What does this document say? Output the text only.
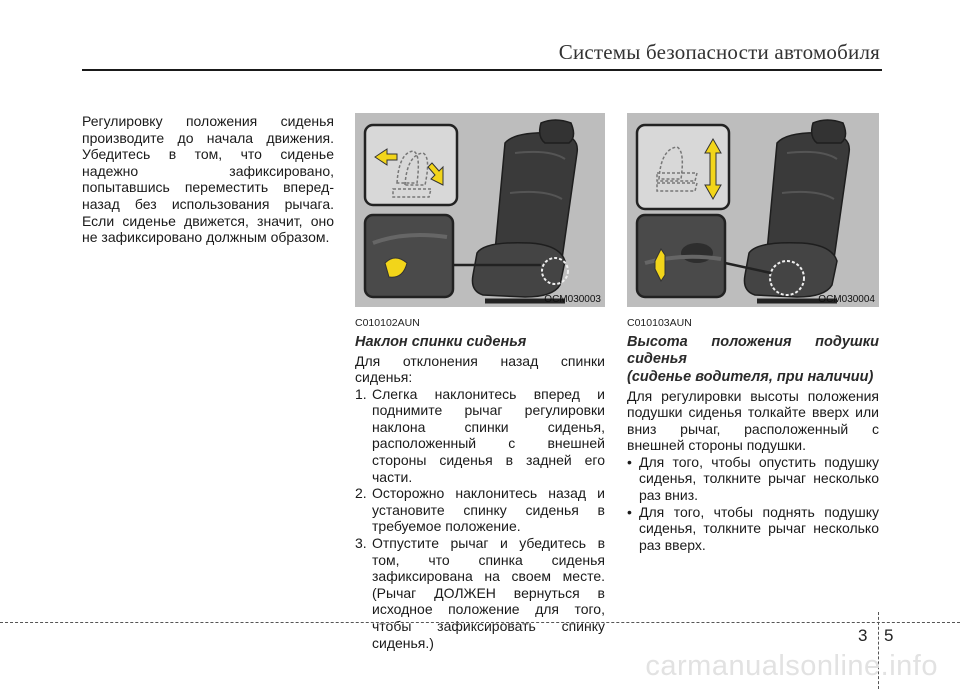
Системы безопасности автомобиля

Регулировку положения сиденья производите до начала движения. Убедитесь в том, что сиденье надежно зафиксировано, попытавшись переместить вперед-назад без использования рычага. Если сиденье движется, значит, оно не зафиксировано должным образом.

OCM030003	OCM030004
C010102AUN
Наклон спинки сиденья

Для отклонения назад спинки сиденья:

1. Слегка наклонитесь вперед и поднимите рычаг регулировки наклона спинки сиденья, расположенный с внешней стороны сиденья в задней его части.
2. Осторожно наклонитесь назад и установите спинку сиденья в требуемое положение.
3. Отпустите рычаг и убедитесь в том, что спинка сиденья зафиксирована на своем месте. (Рычаг ДОЛЖЕН вернуться в исходное положение для того, чтобы зафиксировать спинку сиденья.)
C010103AUN
Высота положения подушки сиденья
(сиденье водителя, при наличии)

Для регулировки высоты положения подушки сиденья толкайте вверх или вниз рычаг, расположенный с внешней стороны подушки.

• Для того, чтобы опустить подушку сиденья, толкните рычаг несколько раз вниз.
• Для того, чтобы поднять подушку сиденья, толкните рычаг несколько раз вверх.
3 5
carmanualsonline.info
